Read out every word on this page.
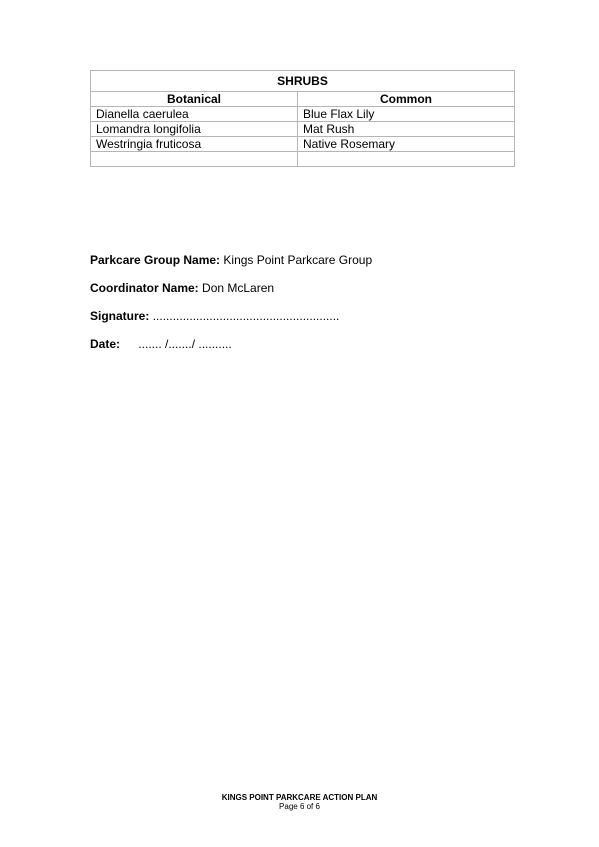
SHRUBS	
Botanical	Common
Dianella caerulea	Blue Flax Lily
Lomandra longifolia	Mat Rush
Westringia fruticosa	Native Rosemary

Parkcare Group Name: Kings Point Parkcare Group
Coordinator Name: Don McLaren
Signature: ........................................................
Date: ....... /......./ ..........
KINGS POINT PARKCARE ACTION PLAN
Page 6 of 6
